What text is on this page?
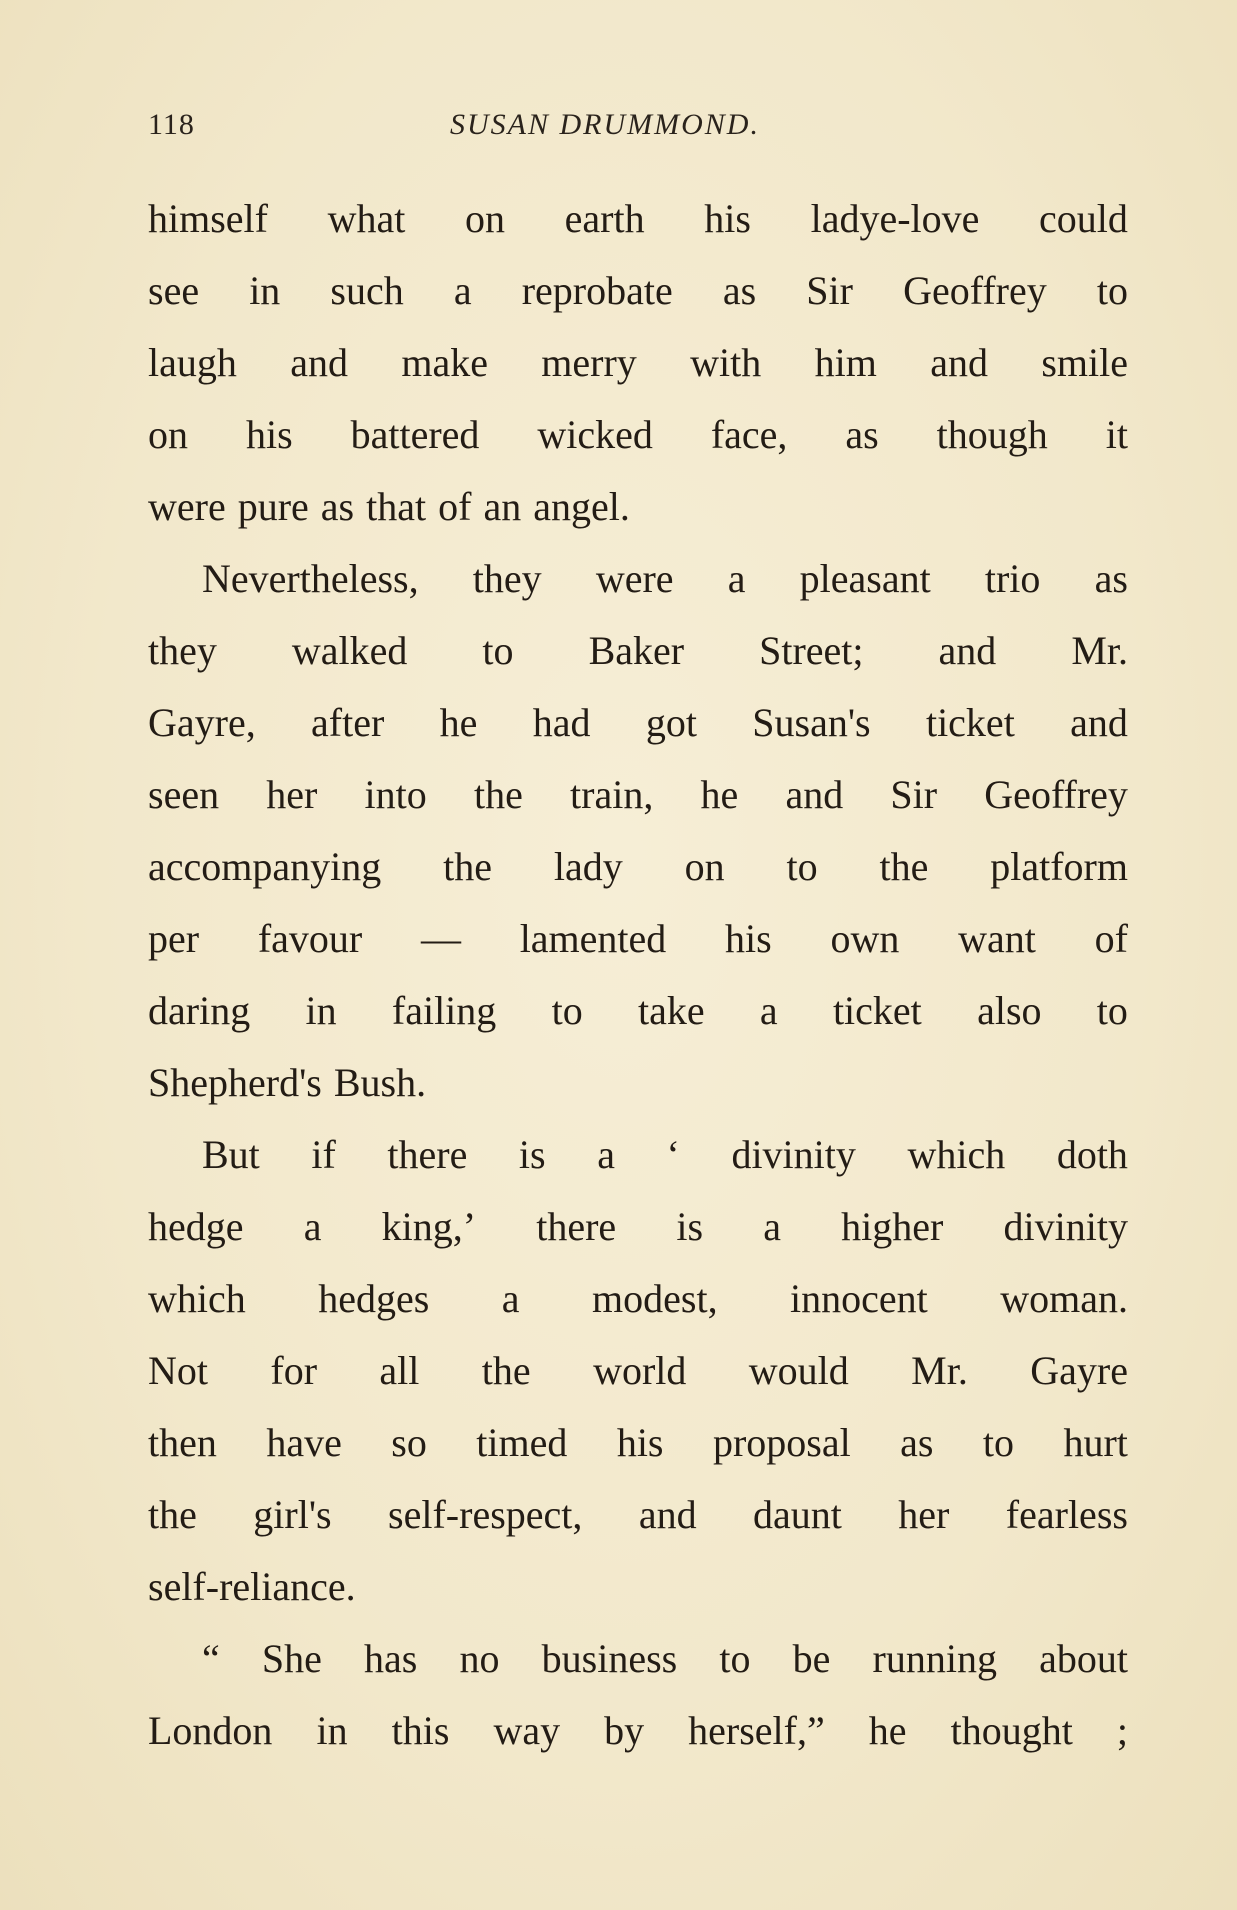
118	SUSAN DRUMMOND.
himself what on earth his ladye-love could
see in such a reprobate as Sir Geoffrey to
laugh and make merry with him and smile
on his battered wicked face, as though it
were pure as that of an angel.
Nevertheless, they were a pleasant trio as
they walked to Baker Street; and Mr.
Gayre, after he had got Susan's ticket and
seen her into the train, he and Sir Geoffrey
accompanying the lady on to the platform
per favour — lamented his own want of
daring in failing to take a ticket also to
Shepherd's Bush.
But if there is a ‘ divinity which doth
hedge a king,’ there is a higher divinity
which hedges a modest, innocent woman.
Not for all the world would Mr. Gayre
then have so timed his proposal as to hurt
the girl's self-respect, and daunt her fearless
self-reliance.
“ She has no business to be running about
London in this way by herself,” he thought ;
